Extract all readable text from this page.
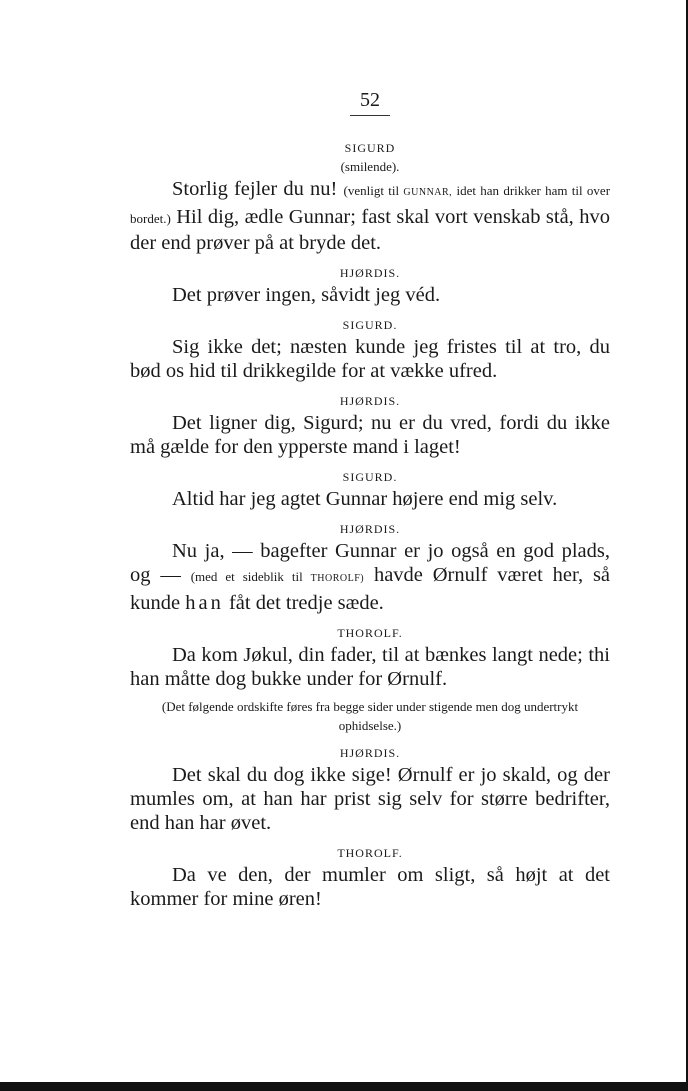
52
SIGURD
(smilende).
Storlig fejler du nu! (venligt til GUNNAR, idet han drikker ham til over bordet.) Hil dig, ædle Gunnar; fast skal vort venskab stå, hvo der end prøver på at bryde det.
HJØRDIS.
Det prøver ingen, såvidt jeg véd.
SIGURD.
Sig ikke det; næsten kunde jeg fristes til at tro, du bød os hid til drikkegilde for at vække ufred.
HJØRDIS.
Det ligner dig, Sigurd; nu er du vred, fordi du ikke må gælde for den ypperste mand i laget!
SIGURD.
Altid har jeg agtet Gunnar højere end mig selv.
HJØRDIS.
Nu ja, — bagefter Gunnar er jo også en god plads, og — (med et sideblik til THOROLF) havde Ørnulf været her, så kunde han fåt det tredje sæde.
THOROLF.
Da kom Jøkul, din fader, til at bænkes langt nede; thi han måtte dog bukke under for Ørnulf.
(Det følgende ordskifte føres fra begge sider under stigende men dog undertrykt ophidselse.)
HJØRDIS.
Det skal du dog ikke sige! Ørnulf er jo skald, og der mumles om, at han har prist sig selv for større bedrifter, end han har øvet.
THOROLF.
Da ve den, der mumler om sligt, så højt at det kommer for mine øren!
